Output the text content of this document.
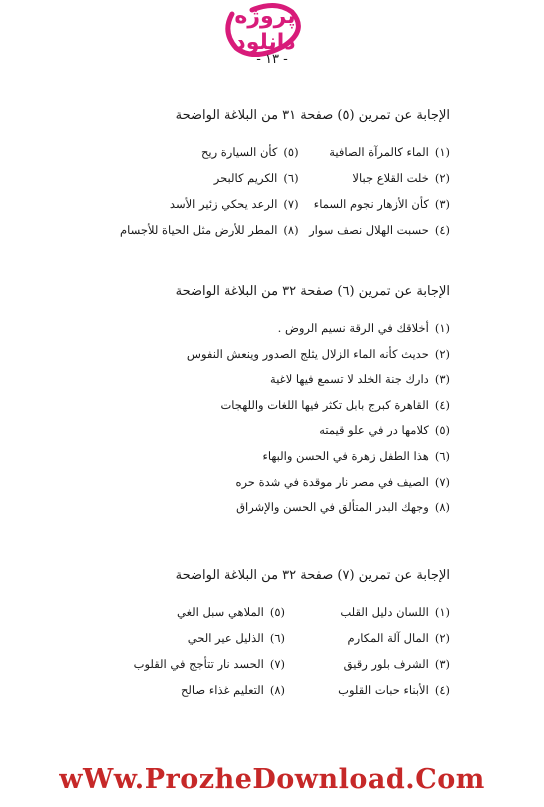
پروژه
دانلود
- ١٣ -

الإجابة عن تمرين (٥) صفحة ٣١ من البلاغة الواضحة

(١)الماء كالمرآة الصافية
(٥)كأن السيارة ريح
(٢)خلت القلاع جبالا
(٦)الكريم كالبحر
(٣)كأن الأزهار نجوم السماء
(٧)الرعد يحكي زئير الأسد
(٤)حسبت الهلال نصف سوار
(٨)المطر للأرض مثل الحياة للأجسام

الإجابة عن تمرين (٦) صفحة ٣٢ من البلاغة الواضحة

(١)أخلاقك في الرقة نسيم الروض .
(٢)حديث كأنه الماء الزلال يثلج الصدور وينعش النفوس
(٣)دارك جنة الخلد لا تسمع فيها لاغية
(٤)القاهرة كبرج بابل تكثر فيها اللغات واللهجات
(٥)كلامها در في علو قيمته
(٦)هذا الطفل زهرة في الحسن والبهاء
(٧)الصيف في مصر نار موقدة في شدة حره
(٨)وجهك البدر المتألق في الحسن والإشراق

الإجابة عن تمرين (٧) صفحة ٣٢ من البلاغة الواضحة

(١)اللسان دليل القلب
(٥)الملاهي سبل الغي
(٢)المال آلة المكارم
(٦)الذليل عير الحي
(٣)الشرف بلور رقيق
(٧)الحسد نار تتأجج في القلوب
(٤)الأبناء حبات القلوب
(٨)التعليم غذاء صالح
wWw.ProzheDownload.Com
